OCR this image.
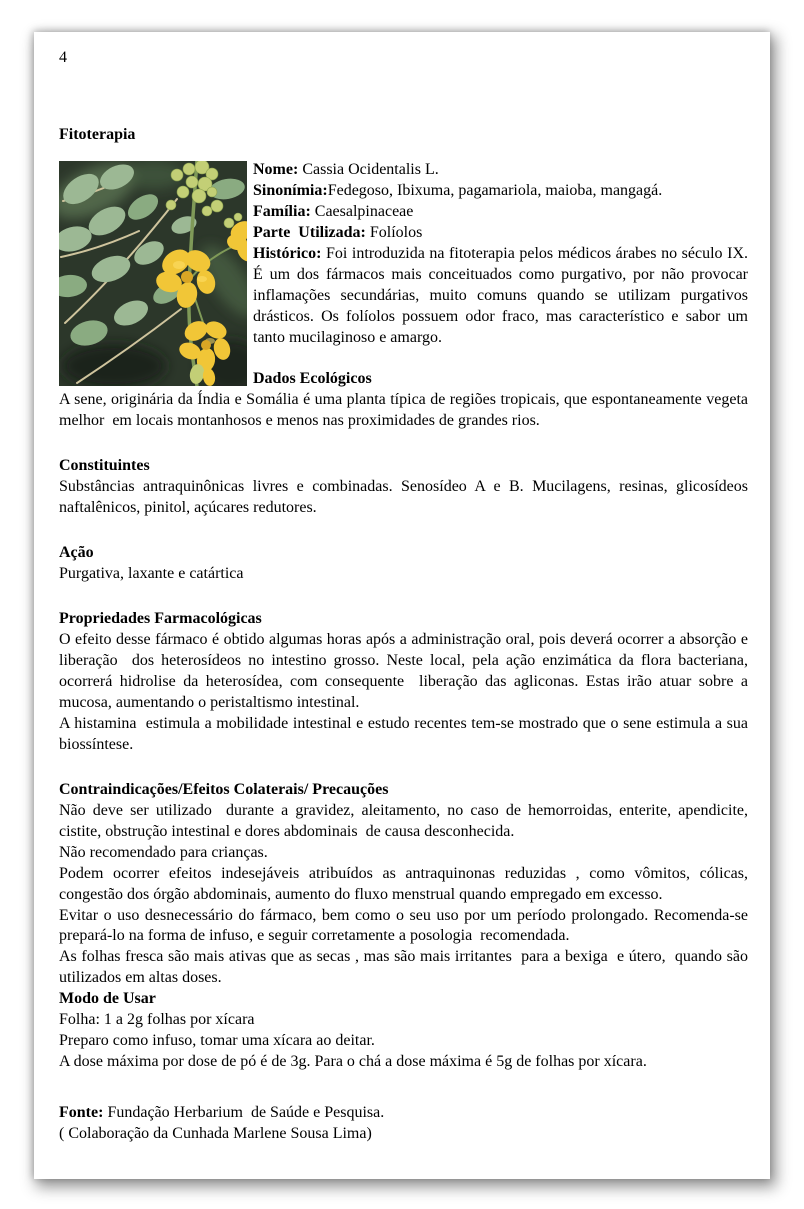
4

Fitoterapia

Nome: Cassia Ocidentalis L.

Sinonímia:Fedegoso, Ibixuma, pagamariola, maioba, mangagá.

Família: Caesalpinaceae

Parte  Utilizada: Folíolos

Histórico: Foi introduzida na fitoterapia pelos médicos árabes no século IX. É um dos fármacos mais conceituados como purgativo, por não provocar inflamações secundárias, muito comuns quando se utilizam purgativos drásticos. Os folíolos possuem odor fraco, mas característico e sabor um tanto mucilaginoso e amargo.

Dados Ecológicos

A sene, originária da Índia e Somália é uma planta típica de regiões tropicais, que espontaneamente vegeta melhor  em locais montanhosos e menos nas proximidades de grandes rios.

Constituintes

Substâncias antraquinônicas livres e combinadas. Senosídeo A e B. Mucilagens, resinas, glicosídeos naftalênicos, pinitol, açúcares redutores.

Ação

Purgativa, laxante e catártica

Propriedades Farmacológicas

O efeito desse fármaco é obtido algumas horas após a administração oral, pois deverá ocorrer a absorção e liberação  dos heterosídeos no intestino grosso. Neste local, pela ação enzimática da flora bacteriana, ocorrerá hidrolise da heterosídea, com consequente  liberação das agliconas. Estas irão atuar sobre a mucosa, aumentando o peristaltismo intestinal.

A histamina  estimula a mobilidade intestinal e estudo recentes tem-se mostrado que o sene estimula a sua biossíntese.

Contraindicações/Efeitos Colaterais/ Precauções

Não deve ser utilizado  durante a gravidez, aleitamento, no caso de hemorroidas, enterite, apendicite, cistite, obstrução intestinal e dores abdominais  de causa desconhecida.

Não recomendado para crianças.

Podem ocorrer efeitos indesejáveis atribuídos as antraquinonas reduzidas , como vômitos, cólicas, congestão dos órgão abdominais, aumento do fluxo menstrual quando empregado em excesso.

Evitar o uso desnecessário do fármaco, bem como o seu uso por um período prolongado. Recomenda-se prepará-lo na forma de infuso, e seguir corretamente a posologia  recomendada.

As folhas fresca são mais ativas que as secas , mas são mais irritantes  para a bexiga  e útero,  quando são utilizados em altas doses.

Modo de Usar

Folha: 1 a 2g folhas por xícara

Preparo como infuso, tomar uma xícara ao deitar.

A dose máxima por dose de pó é de 3g. Para o chá a dose máxima é 5g de folhas por xícara.

Fonte: Fundação Herbarium  de Saúde e Pesquisa.

( Colaboração da Cunhada Marlene Sousa Lima)
